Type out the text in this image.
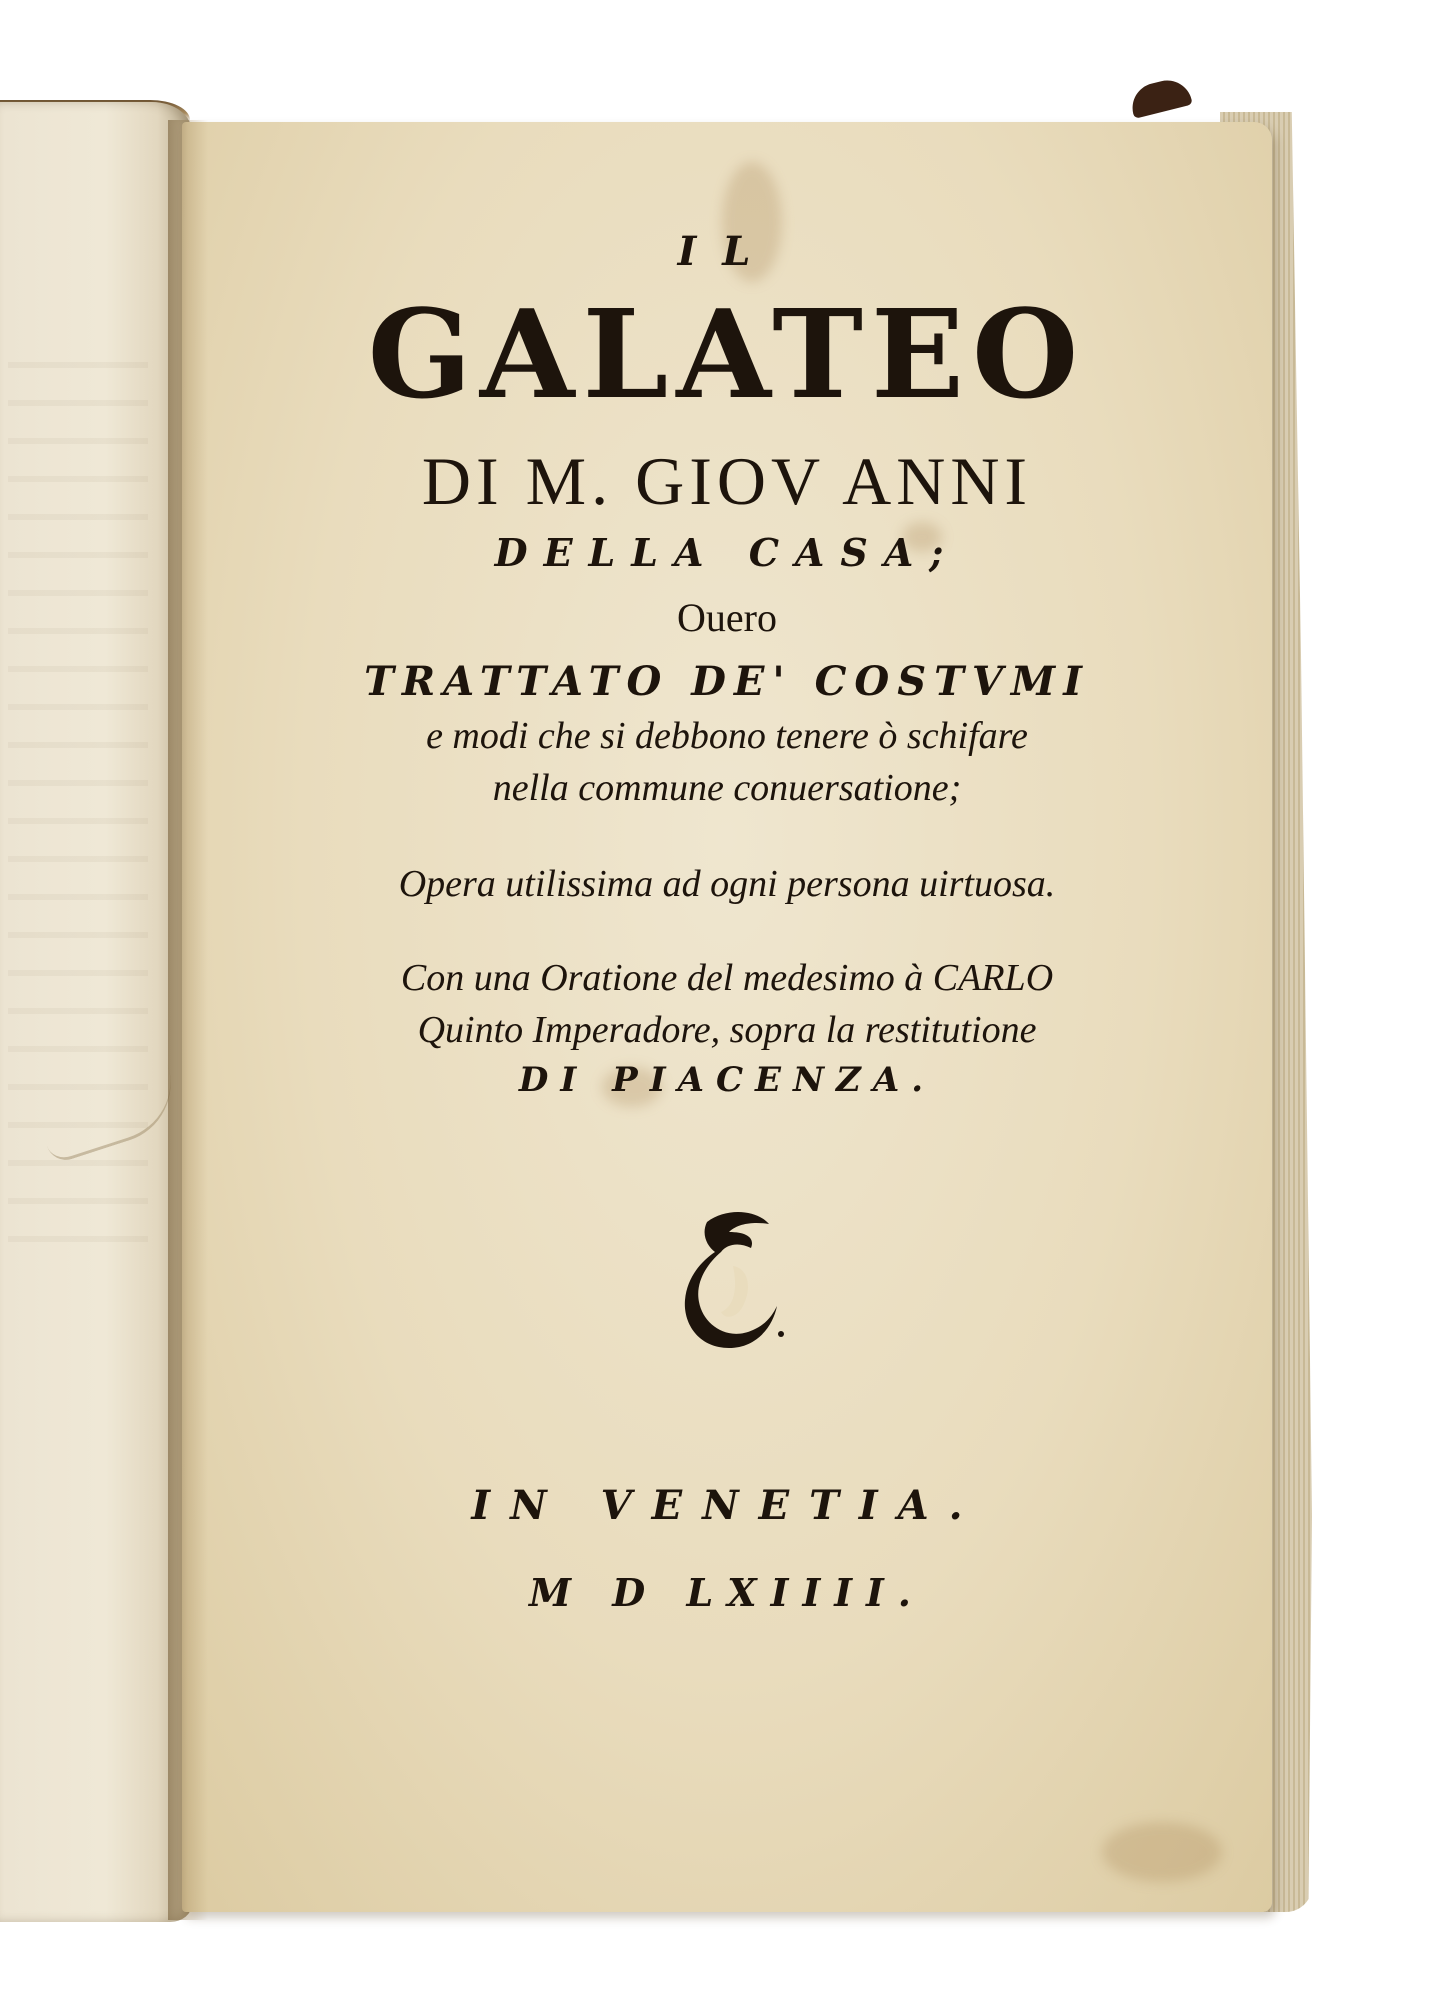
IL
GALATEO
DI M. GIOV ANNI
DELLA CASA;
Ouero
TRATTATO DE' COSTVMI
e modi che si debbono tenere ò schifare
nella commune conuersatione;
Opera utilissima ad ogni persona uirtuosa.
Con una Oratione del medesimo à CARLO
Quinto Imperadore, sopra la restitutione
DI PIACENZA.
IN VENETIA.
M D LXIIII.
